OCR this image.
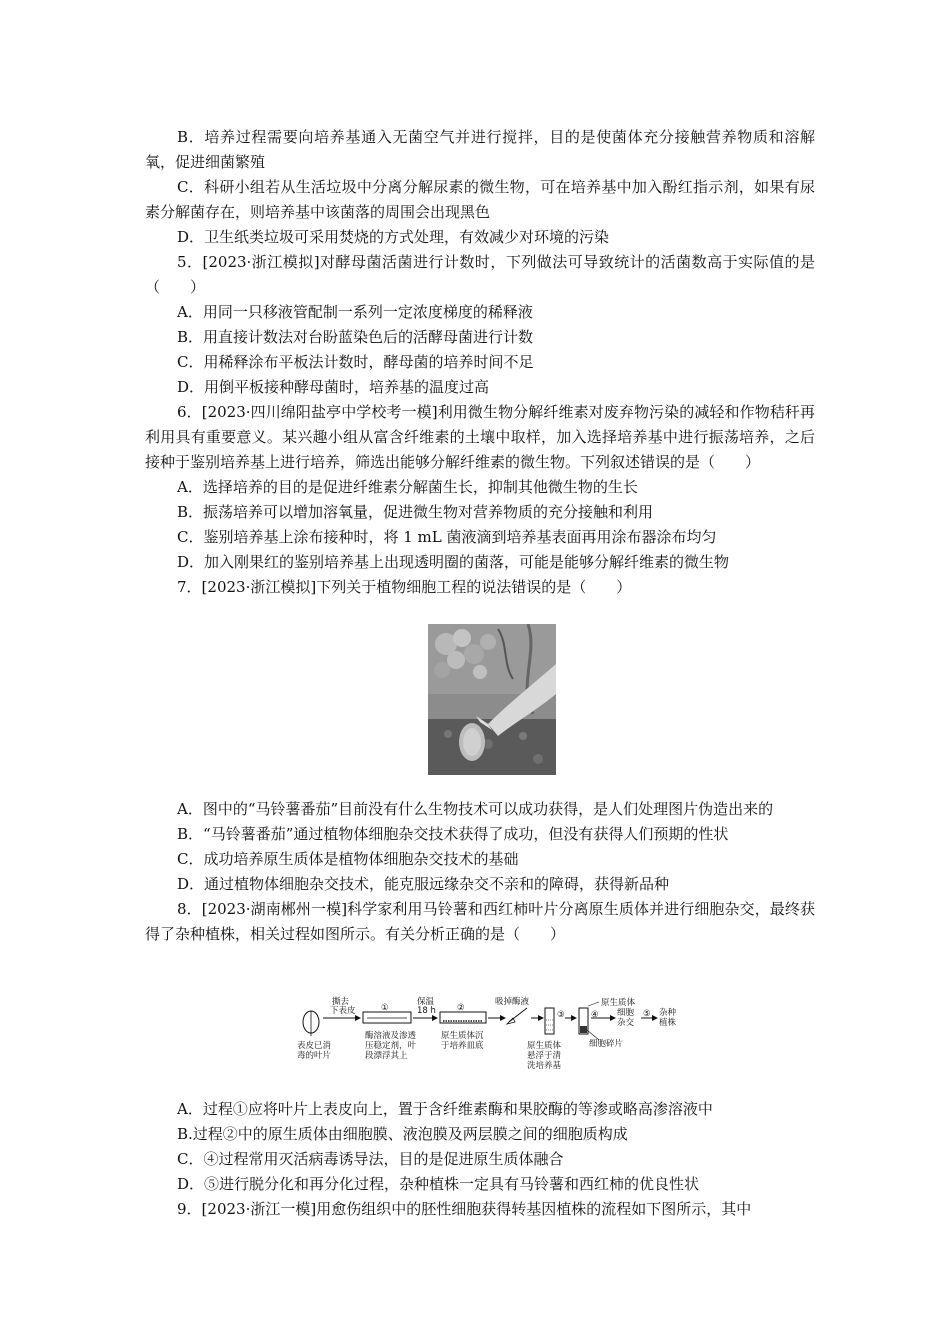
B．培养过程需要向培养基通入无菌空气并进行搅拌，目的是使菌体充分接触营养物质和溶解氧，促进细菌繁殖

C．科研小组若从生活垃圾中分离分解尿素的微生物，可在培养基中加入酚红指示剂，如果有尿素分解菌存在，则培养基中该菌落的周围会出现黑色

D．卫生纸类垃圾可采用焚烧的方式处理，有效减少对环境的污染

5．[2023·浙江模拟]对酵母菌活菌进行计数时，下列做法可导致统计的活菌数高于实际值的是（　　）

A．用同一只移液管配制一系列一定浓度梯度的稀释液

B．用直接计数法对台盼蓝染色后的活酵母菌进行计数

C．用稀释涂布平板法计数时，酵母菌的培养时间不足

D．用倒平板接种酵母菌时，培养基的温度过高

6．[2023·四川绵阳盐亭中学校考一模]利用微生物分解纤维素对废弃物污染的减轻和作物秸秆再利用具有重要意义。某兴趣小组从富含纤维素的土壤中取样，加入选择培养基中进行振荡培养，之后接种于鉴别培养基上进行培养，筛选出能够分解纤维素的微生物。下列叙述错误的是（　　）

A．选择培养的目的是促进纤维素分解菌生长，抑制其他微生物的生长

B．振荡培养可以增加溶氧量，促进微生物对营养物质的充分接触和利用

C．鉴别培养基上涂布接种时，将 1 mL 菌液滴到培养基表面再用涂布器涂布均匀

D．加入刚果红的鉴别培养基上出现透明圈的菌落，可能是能够分解纤维素的微生物

7．[2023·浙江模拟]下列关于植物细胞工程的说法错误的是（　　）

A．图中的“马铃薯番茄”目前没有什么生物技术可以成功获得，是人们处理图片伪造出来的

B．“马铃薯番茄”通过植物体细胞杂交技术获得了成功，但没有获得人们预期的性状

C．成功培养原生质体是植物体细胞杂交技术的基础

D．通过植物体细胞杂交技术，能克服远缘杂交不亲和的障碍，获得新品种

8．[2023·湖南郴州一模]科学家利用马铃薯和西红柿叶片分离原生质体并进行细胞杂交，最终获得了杂种植株，相关过程如图所示。有关分析正确的是（　　）

表皮已消
毒的叶片
撕去
下表皮	①
酶溶液及渗透
压稳定剂，叶
段漂浮其上
保温
18 h ②
原生质体沉
于培养皿底
吸掉酶液
③
原生质体
悬浮于清
洗培养基
细胞碎片
④
原生质体
细胞
杂交
⑤ 杂种
植株

A．过程①应将叶片上表皮向上，置于含纤维素酶和果胶酶的等渗或略高渗溶液中

B.过程②中的原生质体由细胞膜、液泡膜及两层膜之间的细胞质构成

C．④过程常用灭活病毒诱导法，目的是促进原生质体融合

D．⑤进行脱分化和再分化过程，杂种植株一定具有马铃薯和西红柿的优良性状

9．[2023·浙江一模]用愈伤组织中的胚性细胞获得转基因植株的流程如下图所示，其中
